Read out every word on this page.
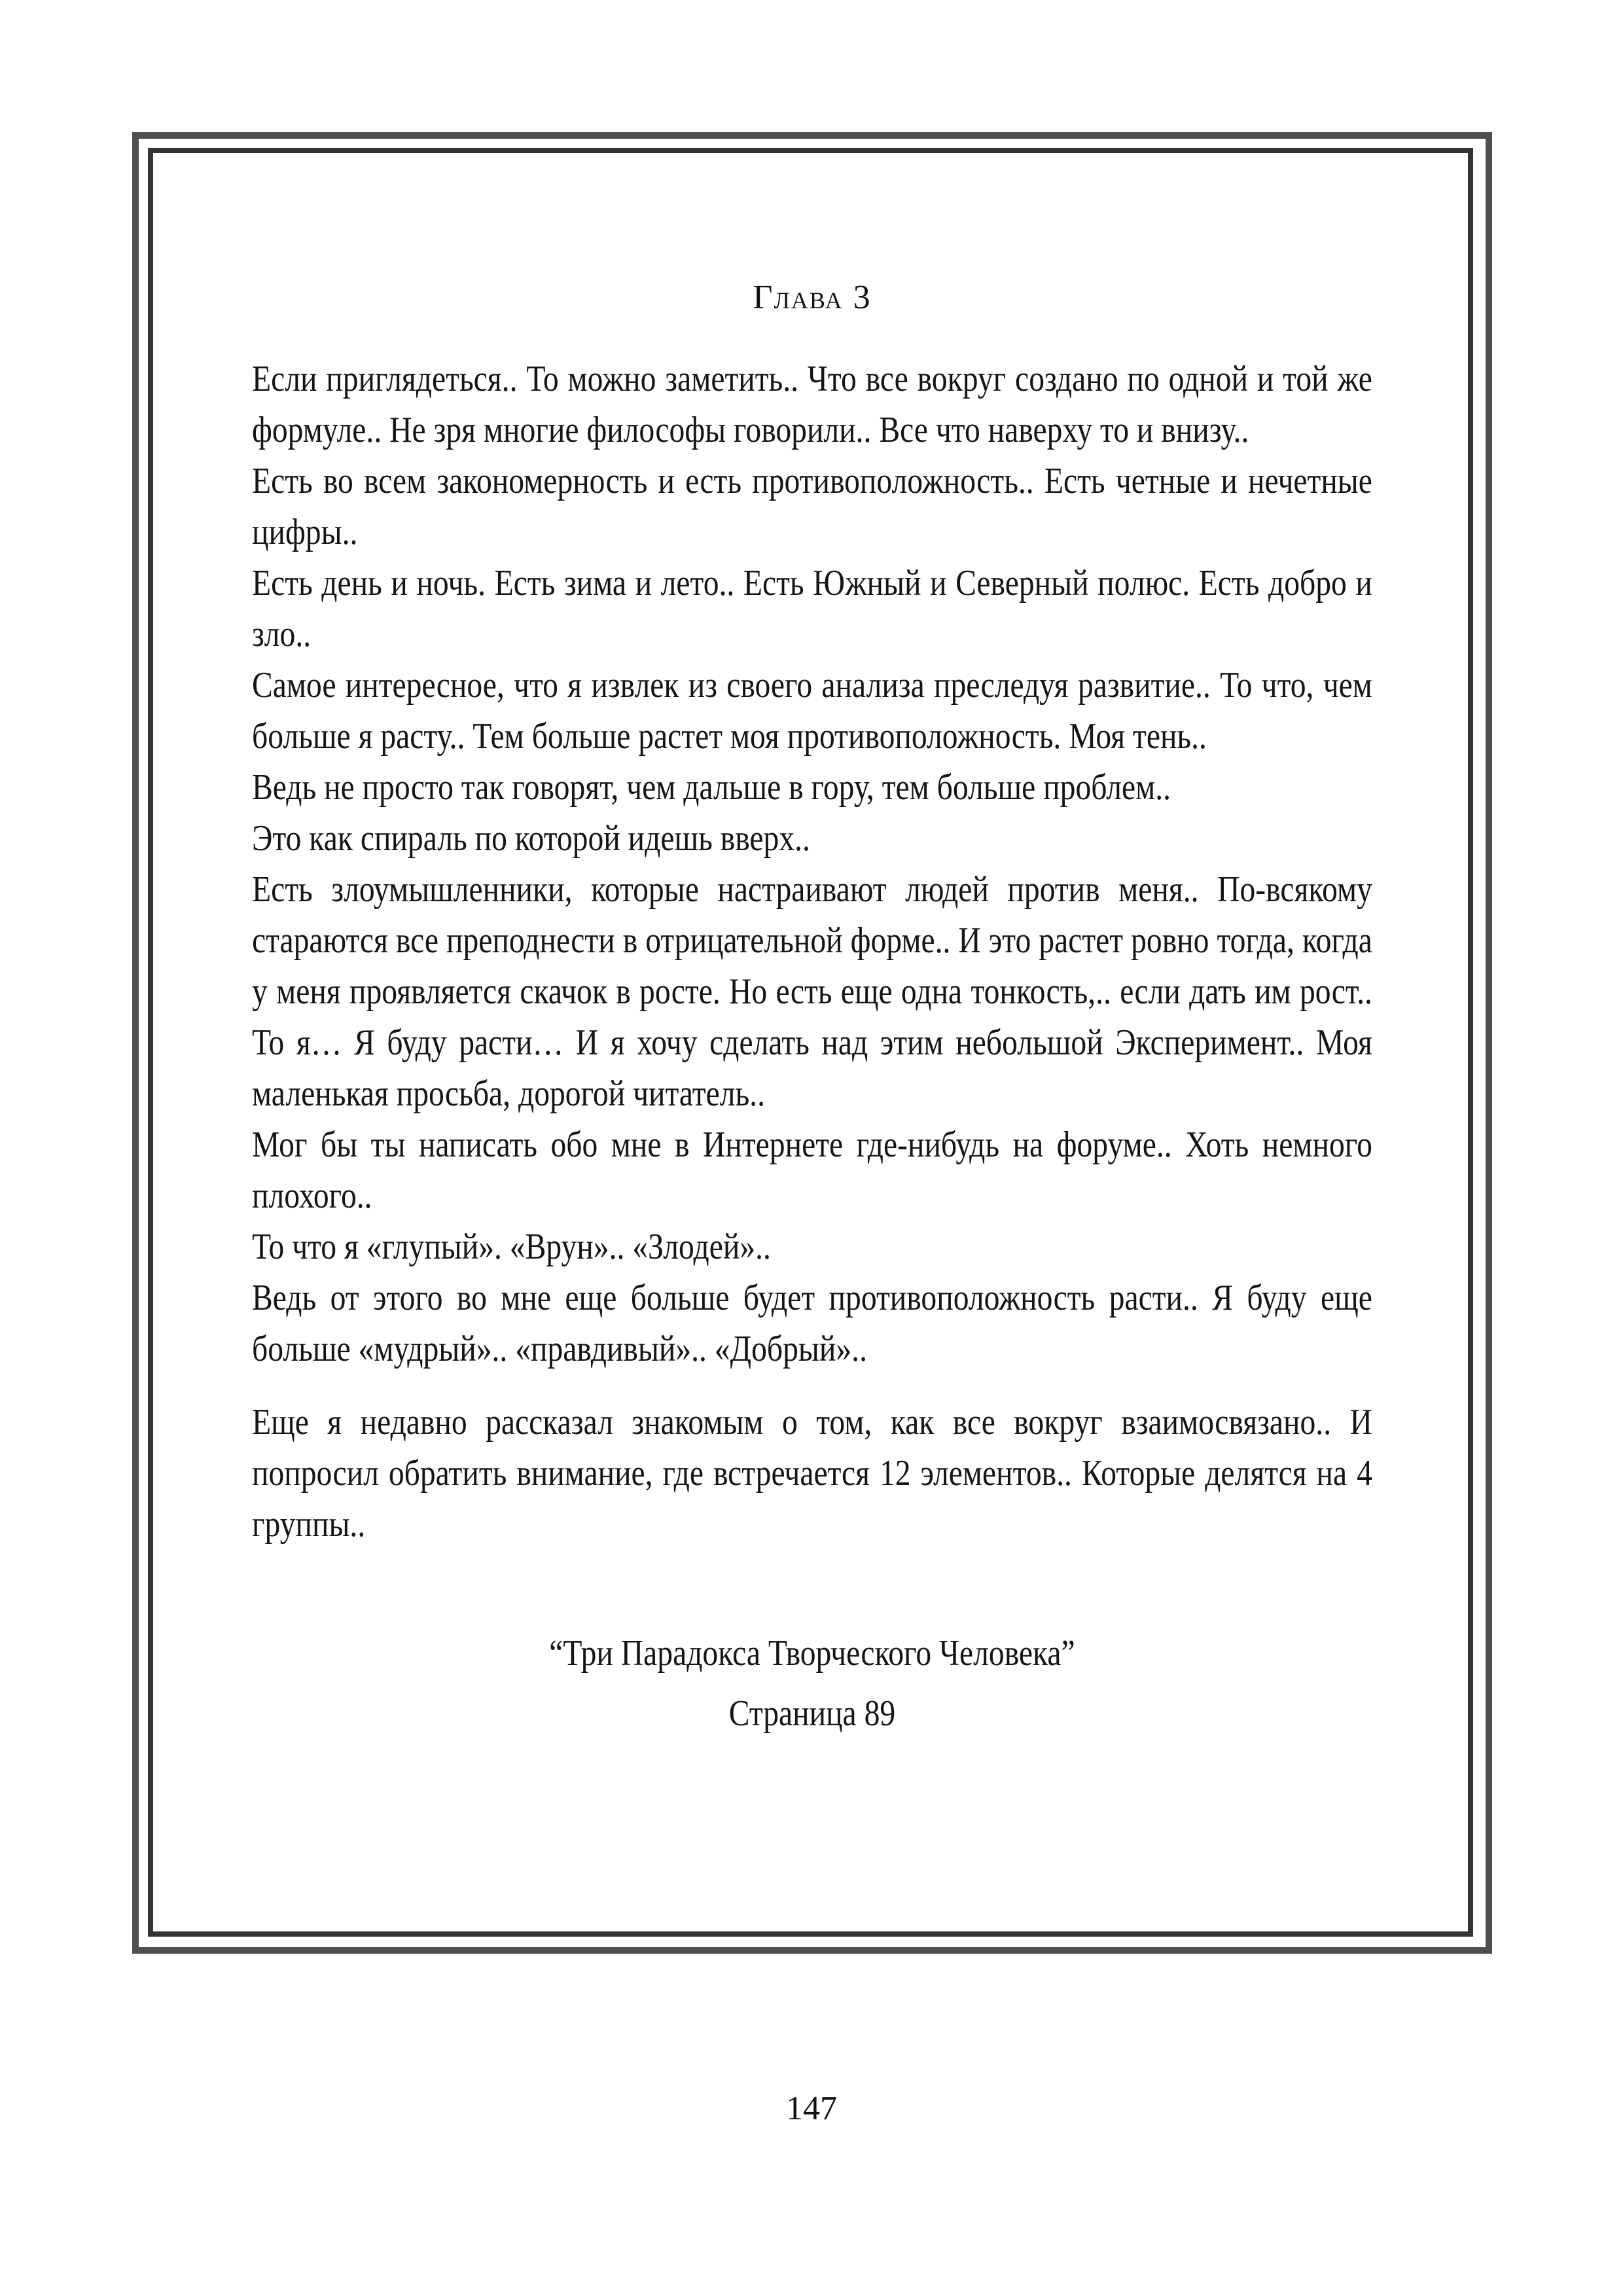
Глава 3

Если приглядеться.. То можно заметить.. Что все вокруг создано по одной и той же формуле.. Не зря многие философы говорили.. Все что наверху то и внизу..

Есть во всем закономерность и есть противоположность.. Есть четные и нечетные цифры..

Есть день и ночь. Есть зима и лето.. Есть Южный и Северный полюс. Есть добро и зло..

Самое интересное, что я извлек из своего анализа преследуя развитие.. То что, чем больше я расту.. Тем больше растет моя противоположность. Моя тень..

Ведь не просто так говорят, чем дальше в гору, тем больше проблем..

Это как спираль по которой идешь вверх..

Есть злоумышленники, которые настраивают людей против меня.. По-всякому стараются все преподнести в отрицательной форме.. И это растет ровно тогда, когда у меня проявляется скачок в росте. Но есть еще одна тонкость,.. если дать им рост.. То я… Я буду расти… И я хочу сделать над этим небольшой Эксперимент.. Моя маленькая просьба, дорогой читатель..

Мог бы ты написать обо мне в Интернете где-нибудь на форуме.. Хоть немного плохого..

То что я «глупый». «Врун».. «Злодей»..

Ведь от этого во мне еще больше будет противоположность расти.. Я буду еще больше «мудрый».. «правдивый».. «Добрый»..

Еще я недавно рассказал знакомым о том, как все вокруг взаимосвязано.. И попросил обратить внимание, где встречается 12 элементов.. Которые делятся на 4 группы..

“Три Парадокса Творческого Человека”
Страница 89
147
